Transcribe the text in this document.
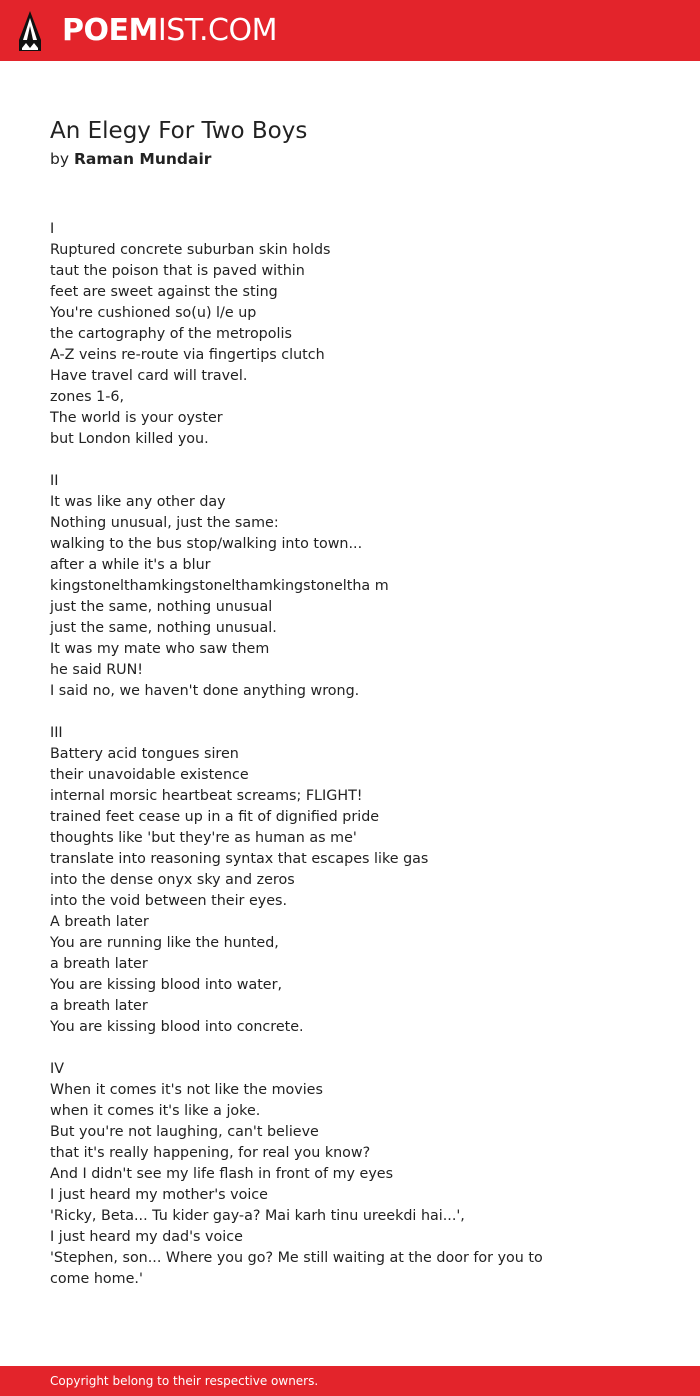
POEMIST.COM
An Elegy For Two Boys
by Raman Mundair
I
Ruptured concrete suburban skin holds
taut the poison that is paved within
feet are sweet against the sting
You're cushioned so(u) l/e up
the cartography of the metropolis
A-Z veins re-route via fingertips clutch
Have travel card will travel.
zones 1-6,
The world is your oyster
but London killed you.
II
It was like any other day
Nothing unusual, just the same:
walking to the bus stop/walking into town...
after a while it's a blur
kingstonelthamkingstonelthamkingstoneltha m
just the same, nothing unusual
just the same, nothing unusual.
It was my mate who saw them
he said RUN!
I said no, we haven't done anything wrong.
III
Battery acid tongues siren
their unavoidable existence
internal morsic heartbeat screams; FLIGHT!
trained feet cease up in a fit of dignified pride
thoughts like 'but they're as human as me'
translate into reasoning syntax that escapes like gas
into the dense onyx sky and zeros
into the void between their eyes.
A breath later
You are running like the hunted,
a breath later
You are kissing blood into water,
a breath later
You are kissing blood into concrete.
IV
When it comes it's not like the movies
when it comes it's like a joke.
But you're not laughing, can't believe
that it's really happening, for real you know?
And I didn't see my life flash in front of my eyes
I just heard my mother's voice
'Ricky, Beta... Tu kider gay-a? Mai karh tinu ureekdi hai...',
I just heard my dad's voice
'Stephen, son... Where you go? Me still waiting at the door for you to come home.'
Copyright belong to their respective owners.
